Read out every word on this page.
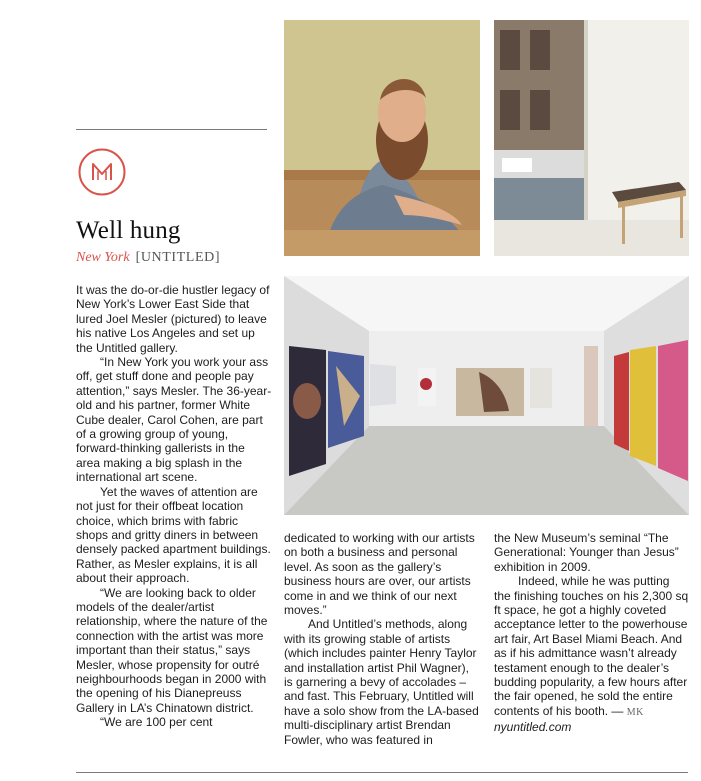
Well hung
New York [UNTITLED]

It was the do-or-die hustler legacy of New York’s Lower East Side that lured Joel Mesler (pictured) to leave his native Los Angeles and set up the Untitled gallery.

“In New York you work your ass off, get stuff done and people pay attention,” says Mesler. The 36-year-old and his partner, former White Cube dealer, Carol Cohen, are part of a growing group of young, forward-thinking gallerists in the area making a big splash in the international art scene.

Yet the waves of attention are not just for their offbeat location choice, which brims with fabric shops and gritty diners in between densely packed apartment buildings. Rather, as Mesler explains, it is all about their approach.

“We are looking back to older models of the dealer/artist relationship, where the nature of the connection with the artist was more important than their status,” says Mesler, whose propensity for outré neighbourhoods began in 2000 with the opening of his Dianepreuss Gallery in LA’s Chinatown district.

“We are 100 per cent

dedicated to working with our artists on both a business and personal level. As soon as the gallery’s business hours are over, our artists come in and we think of our next moves.”

And Untitled’s methods, along with its growing stable of artists (which includes painter Henry Taylor and installation artist Phil Wagner), is garnering a bevy of accolades – and fast. This February, Untitled will have a solo show from the LA-based multi-disciplinary artist Brendan Fowler, who was featured in

the New Museum’s seminal “The Generational: Younger than Jesus” exhibition in 2009.

Indeed, while he was putting the finishing touches on his 2,300 sq ft space, he got a highly coveted acceptance letter to the powerhouse art fair, Art Basel Miami Beach. And as if his admittance wasn’t already testament enough to the dealer’s budding popularity, a few hours after the fair opened, he sold the entire contents of his booth. — MK

nyuntitled.com
